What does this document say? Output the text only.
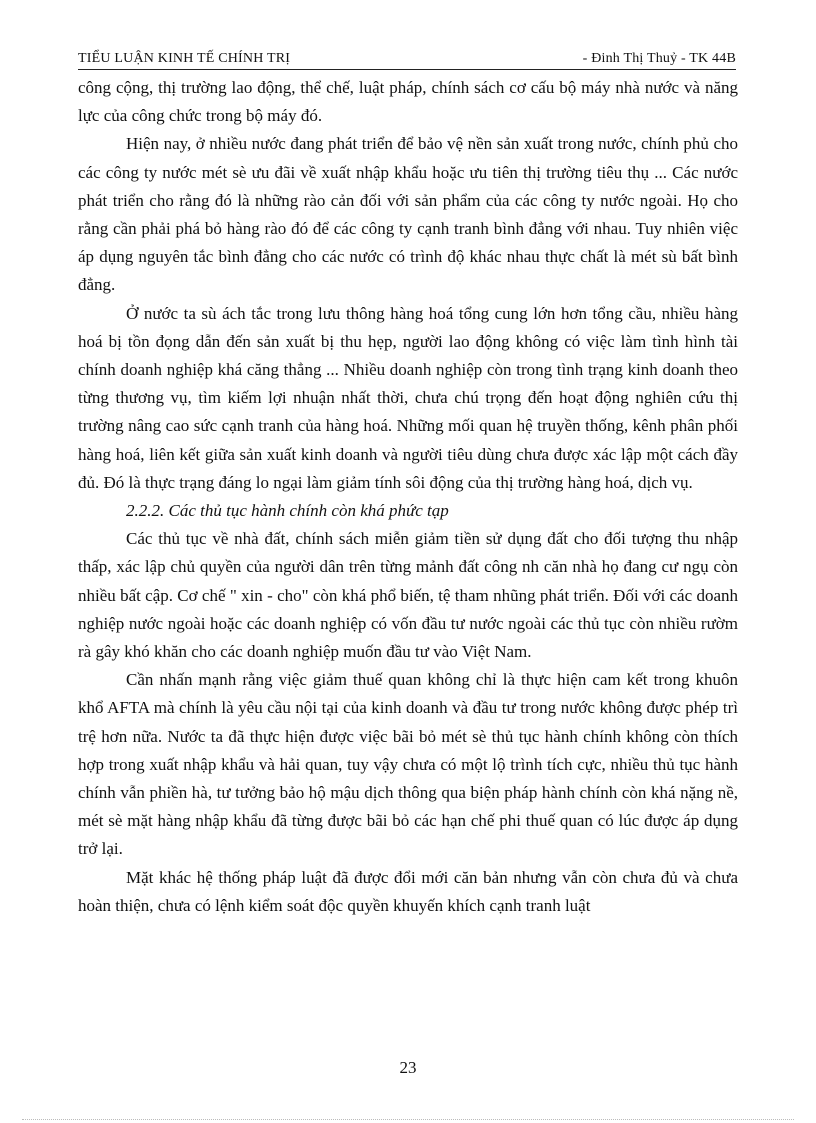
TIỂU LUẬN KINH TẾ CHÍNH TRỊ	- Đinh Thị Thuỷ - TK 44B

công cộng, thị trường lao động, thể chế, luật pháp, chính sách cơ cấu bộ máy nhà nước và năng lực của công chức trong bộ máy đó.

Hiện nay, ở nhiều nước đang phát triển để bảo vệ nền sản xuất trong nước, chính phủ cho các công ty nước mét sè ưu đãi về xuất nhập khẩu hoặc ưu tiên thị trường tiêu thụ ... Các nước phát triển cho rằng đó là những rào cản đối với sản phẩm của các công ty nước ngoài. Họ cho rằng cần phải phá bỏ hàng rào đó để các công ty cạnh tranh bình đẳng với nhau. Tuy nhiên việc áp dụng nguyên tắc bình đẳng cho các nước có trình độ khác nhau thực chất là mét sù bất bình đẳng.

Ở nước ta sù ách tắc trong lưu thông hàng hoá tổng cung lớn hơn tổng cầu, nhiều hàng hoá bị tồn đọng dẫn đến sản xuất bị thu hẹp, người lao động không có việc làm tình hình tài chính doanh nghiệp khá căng thẳng ... Nhiều doanh nghiệp còn trong tình trạng kinh doanh theo từng thương vụ, tìm kiếm lợi nhuận nhất thời, chưa chú trọng đến hoạt động nghiên cứu thị trường nâng cao sức cạnh tranh của hàng hoá. Những mối quan hệ truyền thống, kênh phân phối hàng hoá, liên kết giữa sản xuất kinh doanh và người tiêu dùng chưa được xác lập một cách đầy đủ. Đó là thực trạng đáng lo ngại làm giảm tính sôi động của thị trường hàng hoá, dịch vụ.

2.2.2. Các thủ tục hành chính còn khá phức tạp

Các thủ tục về nhà đất, chính sách miễn giảm tiền sử dụng đất cho đối tượng thu nhập thấp, xác lập chủ quyền của người dân trên từng mảnh đất công nh căn nhà họ đang cư ngụ còn nhiều bất cập. Cơ chế " xin - cho" còn khá phổ biến, tệ tham nhũng phát triển. Đối với các doanh nghiệp nước ngoài hoặc các doanh nghiệp có vốn đầu tư nước ngoài các thủ tục còn nhiều rườm rà gây khó khăn cho các doanh nghiệp muốn đầu tư vào Việt Nam.

Cần nhấn mạnh rằng việc giảm thuế quan không chỉ là thực hiện cam kết trong khuôn khổ AFTA mà chính là yêu cầu nội tại của kinh doanh và đầu tư trong nước không được phép trì trệ hơn nữa. Nước ta đã thực hiện được việc bãi bỏ mét sè thủ tục hành chính không còn thích hợp trong xuất nhập khẩu và hải quan, tuy vậy chưa có một lộ trình tích cực, nhiều thủ tục hành chính vẫn phiền hà, tư tưởng bảo hộ mậu dịch thông qua biện pháp hành chính còn khá nặng nề, mét sè mặt hàng nhập khẩu đã từng được bãi bỏ các hạn chế phi thuế quan có lúc được áp dụng trở lại.

Mặt khác hệ thống pháp luật đã được đổi mới căn bản nhưng vẫn còn chưa đủ và chưa hoàn thiện, chưa có lệnh kiểm soát độc quyền khuyến khích cạnh tranh luật

23
